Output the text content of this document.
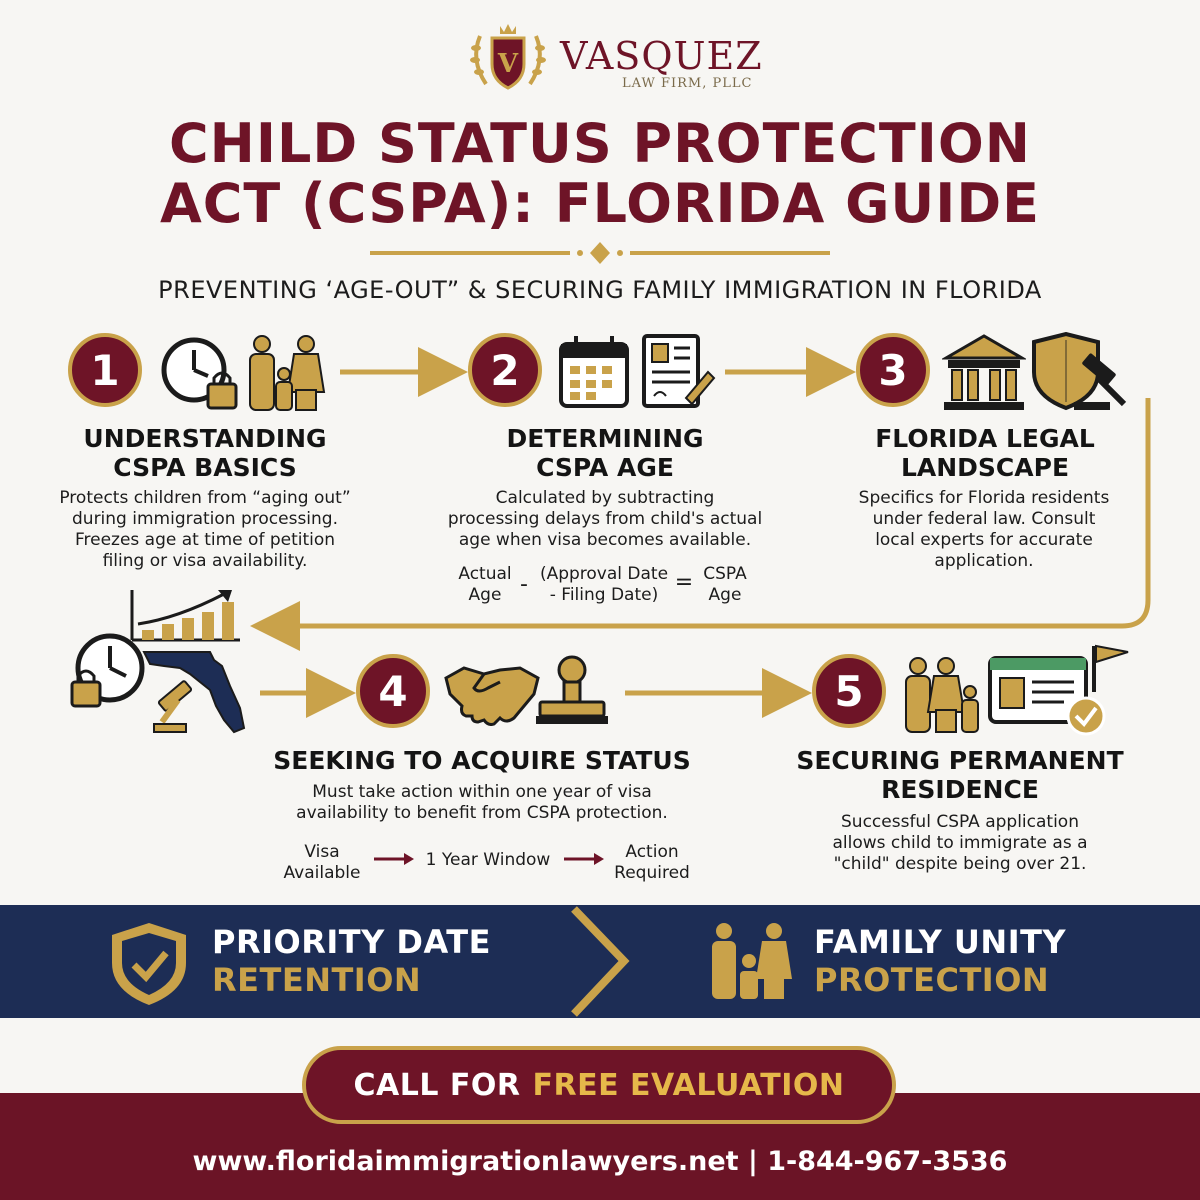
V VASQUEZ
LAW FIRM, PLLC
CHILD STATUS PROTECTION
ACT (CSPA): FLORIDA GUIDE
PREVENTING ‘AGE-OUT” & SECURING FAMILY IMMIGRATION IN FLORIDA
1
UNDERSTANDING
CSPA BASICS
Protects children from “aging out”
during immigration processing.
Freezes age at time of petition
filing or visa availability.
2
DETERMINING
CSPA AGE
Calculated by subtracting
processing delays from child's actual
age when visa becomes available.
Actual
Age - (Approval Date
- Filing Date) = CSPA
Age
3
FLORIDA LEGAL
LANDSCAPE
Specifics for Florida residents
under federal law. Consult
local experts for accurate
application.
4
SEEKING TO ACQUIRE STATUS
Must take action within one year of visa
availability to benefit from CSPA protection.
Visa
Available
1 Year Window	Action
Required
5
SECURING PERMANENT
RESIDENCE
Successful CSPA application
allows child to immigrate as a
"child" despite being over 21.
PRIORITY DATE
RETENTION
FAMILY UNITY
PROTECTION
CALL FOR FREE EVALUATION
www.floridaimmigrationlawyers.net | 1-844-967-3536
